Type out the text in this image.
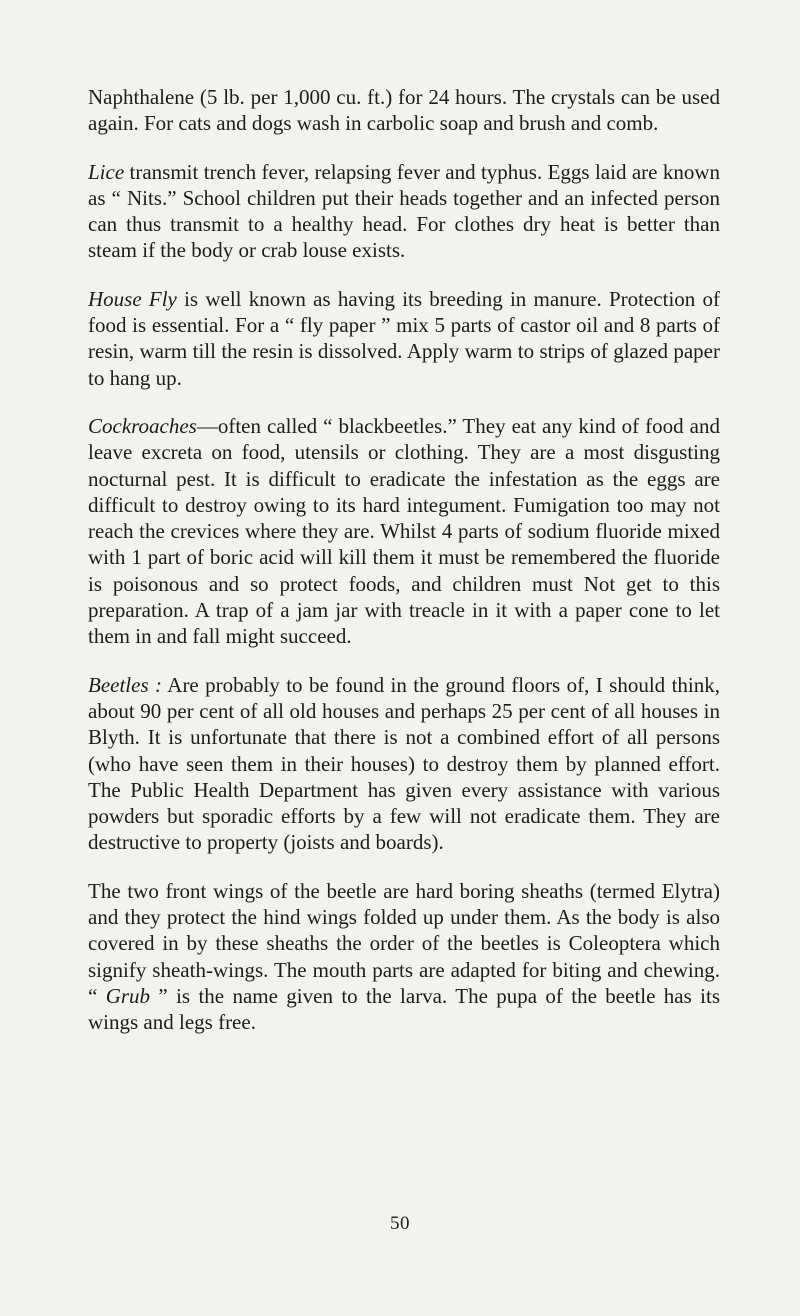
Naphthalene (5 lb. per 1,000 cu. ft.) for 24 hours. The crystals can be used again. For cats and dogs wash in carbolic soap and brush and comb.

Lice transmit trench fever, relapsing fever and typhus. Eggs laid are known as “ Nits.” School children put their heads together and an infected person can thus transmit to a healthy head. For clothes dry heat is better than steam if the body or crab louse exists.

House Fly is well known as having its breeding in manure. Protection of food is essential. For a “ fly paper ” mix 5 parts of castor oil and 8 parts of resin, warm till the resin is dissolved. Apply warm to strips of glazed paper to hang up.

Cockroaches—often called “ blackbeetles.” They eat any kind of food and leave excreta on food, utensils or clothing. They are a most disgusting nocturnal pest. It is difficult to eradicate the infestation as the eggs are difficult to destroy owing to its hard integument. Fumigation too may not reach the crevices where they are. Whilst 4 parts of sodium fluoride mixed with 1 part of boric acid will kill them it must be remembered the fluoride is poisonous and so protect foods, and children must Not get to this preparation. A trap of a jam jar with treacle in it with a paper cone to let them in and fall might succeed.

Beetles : Are probably to be found in the ground floors of, I should think, about 90 per cent of all old houses and perhaps 25 per cent of all houses in Blyth. It is unfortunate that there is not a combined effort of all persons (who have seen them in their houses) to destroy them by planned effort. The Public Health Department has given every assistance with various powders but sporadic efforts by a few will not eradicate them. They are destructive to property (joists and boards).

The two front wings of the beetle are hard boring sheaths (termed Elytra) and they protect the hind wings folded up under them. As the body is also covered in by these sheaths the order of the beetles is Coleoptera which signify sheath-wings. The mouth parts are adapted for biting and chewing. “ Grub ” is the name given to the larva. The pupa of the beetle has its wings and legs free.

50
